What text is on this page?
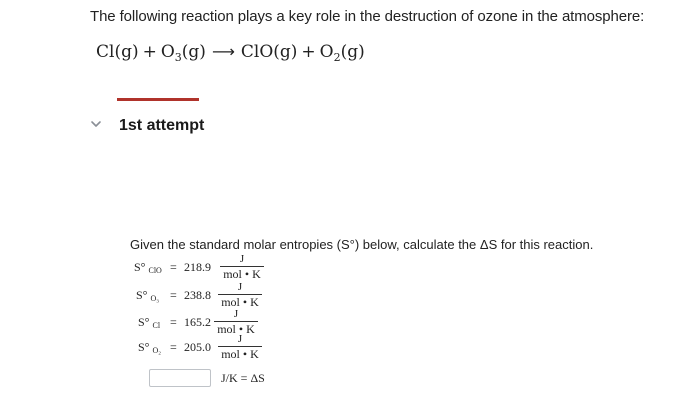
The following reaction plays a key role in the destruction of ozone in the atmosphere:
$Cl(g) + O_3(g)$ ⟶ $ClO(g) + O_2(g)$
1st attempt
Given the standard molar entropies (S°) below, calculate the ΔS for this reaction.
S° $_{ClO}$ = 218.9
J
mol • K
S° $_{O_3}$ = 238.8
J
mol • K
S° $_{Cl}$ = 165.2
J
mol • K
S° $_{O_2}$ = 205.0
J
mol • K
J/K = ΔS
